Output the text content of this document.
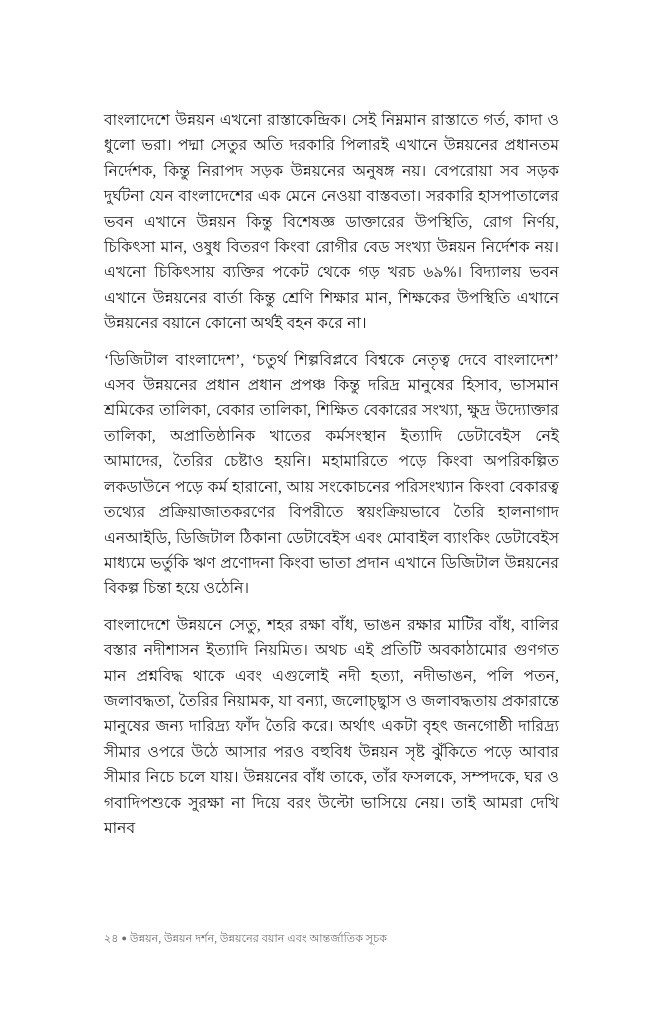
বাংলাদেশে উন্নয়ন এখনো রাস্তাকেন্দ্রিক। সেই নিম্নমান রাস্তাতে গর্ত, কাদা ও ধুলো ভরা। পদ্মা সেতুর অতি দরকারি পিলারই এখানে উন্নয়নের প্রধানতম নির্দেশক, কিন্তু নিরাপদ সড়ক উন্নয়নের অনুষঙ্গ নয়। বেপরোয়া সব সড়ক দুর্ঘটনা যেন বাংলাদেশের এক মেনে নেওয়া বাস্তবতা। সরকারি হাসপাতালের ভবন এখানে উন্নয়ন কিন্তু বিশেষজ্ঞ ডাক্তারের উপস্থিতি, রোগ নির্ণয়, চিকিৎসা মান, ওষুধ বিতরণ কিংবা রোগীর বেড সংখ্যা উন্নয়ন নির্দেশক নয়। এখনো চিকিৎসায় ব্যক্তির পকেট থেকে গড় খরচ ৬৯%। বিদ্যালয় ভবন এখানে উন্নয়নের বার্তা কিন্তু শ্রেণি শিক্ষার মান, শিক্ষকের উপস্থিতি এখানে উন্নয়নের বয়ানে কোনো অর্থই বহন করে না।

‘ডিজিটাল বাংলাদেশ’, ‘চতুর্থ শিল্পবিপ্লবে বিশ্বকে নেতৃত্ব দেবে বাংলাদেশ’ এসব উন্নয়নের প্রধান প্রধান প্রপঞ্চ কিন্তু দরিদ্র মানুষের হিসাব, ভাসমান শ্রমিকের তালিকা, বেকার তালিকা, শিক্ষিত বেকারের সংখ্যা, ক্ষুদ্র উদ্যোক্তার তালিকা, অপ্রাতিষ্ঠানিক খাতের কর্মসংস্থান ইত্যাদি ডেটাবেইস নেই আমাদের, তৈরির চেষ্টাও হয়নি। মহামারিতে পড়ে কিংবা অপরিকল্পিত লকডাউনে পড়ে কর্ম হারানো, আয় সংকোচনের পরিসংখ্যান কিংবা বেকারত্ব তথ্যের প্রক্রিয়াজাতকরণের বিপরীতে স্বয়ংক্রিয়ভাবে তৈরি হালনাগাদ এনআইডি, ডিজিটাল ঠিকানা ডেটাবেইস এবং মোবাইল ব্যাংকিং ডেটাবেইস মাধ্যমে ভর্তুকি ঋণ প্রণোদনা কিংবা ভাতা প্রদান এখানে ডিজিটাল উন্নয়নের বিকল্প চিন্তা হয়ে ওঠেনি।

বাংলাদেশে উন্নয়নে সেতু, শহর রক্ষা বাঁধ, ভাঙন রক্ষার মাটির বাঁধ, বালির বস্তার নদীশাসন ইত্যাদি নিয়মিত। অথচ এই প্রতিটি অবকাঠামোর গুণগত মান প্রশ্নবিদ্ধ থাকে এবং এগুলোই নদী হত্যা, নদীভাঙন, পলি পতন, জলাবদ্ধতা, তৈরির নিয়ামক, যা বন্যা, জলোচ্ছ্বাস ও জলাবদ্ধতায় প্রকারান্তে মানুষের জন্য দারিদ্র্য ফাঁদ তৈরি করে। অর্থাৎ একটা বৃহৎ জনগোষ্ঠী দারিদ্র্য সীমার ওপরে উঠে আসার পরও বহুবিধ উন্নয়ন সৃষ্ট ঝুঁকিতে পড়ে আবার সীমার নিচে চলে যায়। উন্নয়নের বাঁধ তাকে, তাঁর ফসলকে, সম্পদকে, ঘর ও গবাদিপশুকে সুরক্ষা না দিয়ে বরং উল্টো ভাসিয়ে নেয়। তাই আমরা দেখি মানব

২৪ ● উন্নয়ন, উন্নয়ন দর্শন, উন্নয়নের বয়ান এবং আন্তর্জাতিক সূচক
